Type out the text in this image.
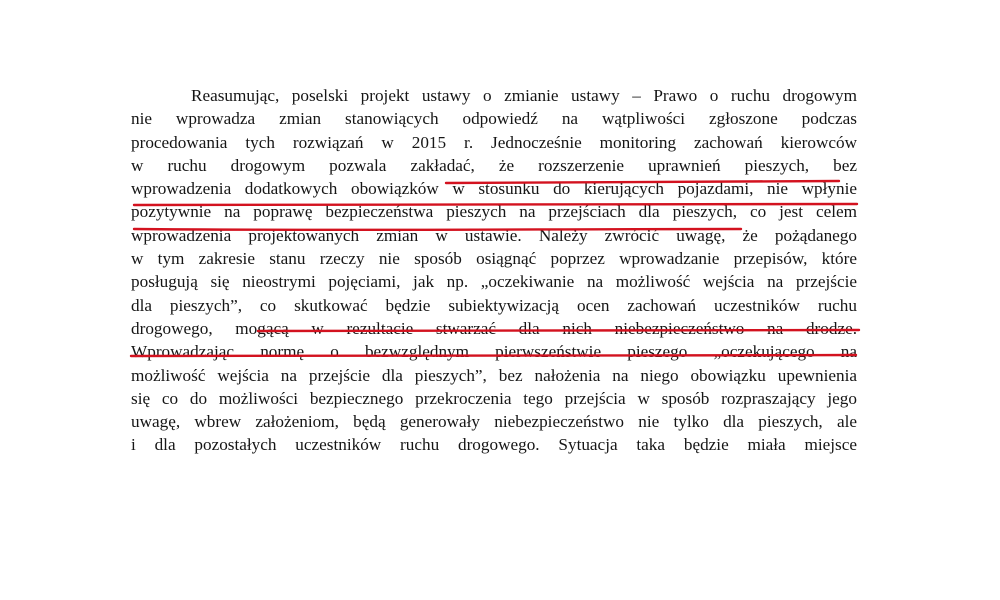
Reasumując, poselski projekt ustawy o zmianie ustawy – Prawo o ruchu drogowym
nie wprowadza zmian stanowiących odpowiedź na wątpliwości zgłoszone podczas
procedowania tych rozwiązań w 2015 r. Jednocześnie monitoring zachowań kierowców
w ruchu drogowym pozwala zakładać, że rozszerzenie uprawnień pieszych, bez
wprowadzenia dodatkowych obowiązków w stosunku do kierujących pojazdami, nie wpłynie
pozytywnie na poprawę bezpieczeństwa pieszych na przejściach dla pieszych, co jest celem
wprowadzenia projektowanych zmian w ustawie. Należy zwrócić uwagę, że pożądanego
w tym zakresie stanu rzeczy nie sposób osiągnąć poprzez wprowadzanie przepisów, które
posługują się nieostrymi pojęciami, jak np. „oczekiwanie na możliwość wejścia na przejście
dla pieszych”, co skutkować będzie subiektywizacją ocen zachowań uczestników ruchu
drogowego, mogącą w rezultacie stwarzać dla nich niebezpieczeństwo na drodze.
Wprowadzając normę o bezwzględnym pierwszeństwie pieszego „oczekującego na
możliwość wejścia na przejście dla pieszych”, bez nałożenia na niego obowiązku upewnienia
się co do możliwości bezpiecznego przekroczenia tego przejścia w sposób rozpraszający jego
uwagę, wbrew założeniom, będą generowały niebezpieczeństwo nie tylko dla pieszych, ale
i dla pozostałych uczestników ruchu drogowego. Sytuacja taka będzie miała miejsce
